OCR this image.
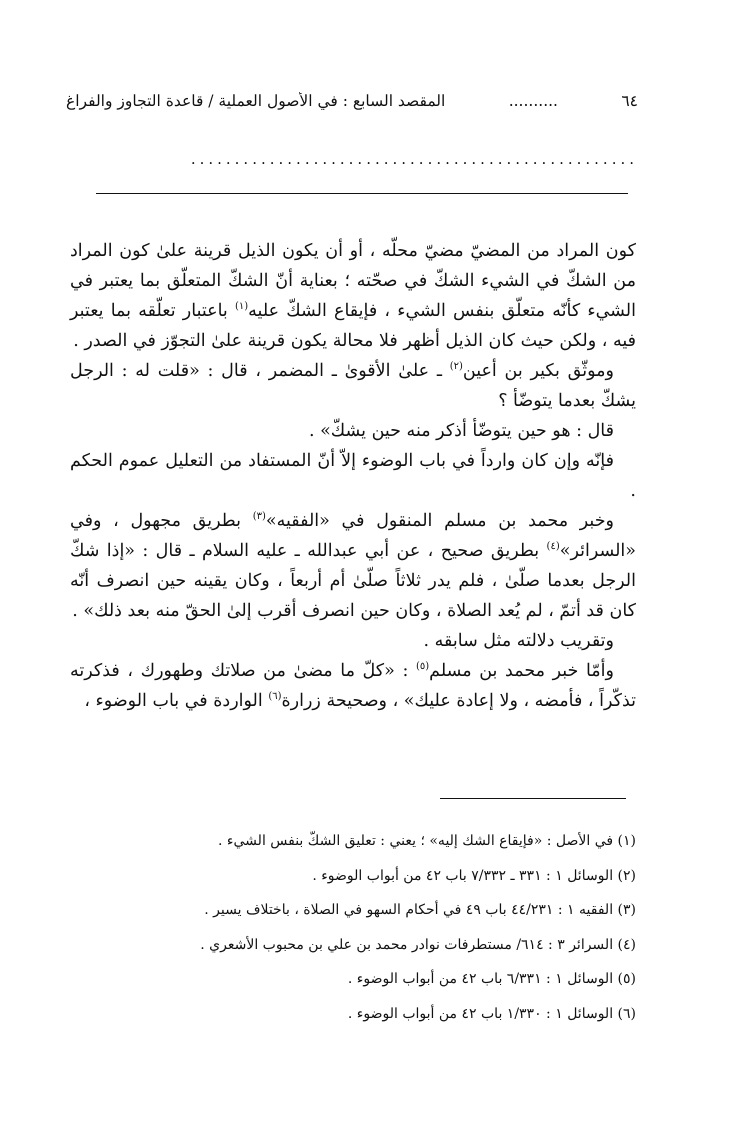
٦٤
..........
المقصد السابع : في الأُصول العملية / قاعدة التجاوز والفراغ
...................................................

كون المراد من المضيّ مضيّ محلّه ، أو أن يكون الذيل قرينة علىٰ كون المراد من الشكّ في الشيء الشكّ في صحّته ؛ بعناية أنّ الشكّ المتعلّق بما يعتبر في الشيء كأنّه متعلّق بنفس الشيء ، فإيقاع الشكّ عليه$^{(١)}$ باعتبار تعلّقه بما يعتبر فيه ، ولكن حيث كان الذيل أظهر فلا محالة يكون قرينة علىٰ التجوّز في الصدر .

وموثّق بكير بن أعين$^{(٢)}$ ـ علىٰ الأقوىٰ ـ المضمر ، قال : «قلت له : الرجل يشكّ بعدما يتوضّأ ؟

قال : هو حين يتوضّأ أذكر منه حين يشكّ» .

فإنّه وإن كان وارداً في باب الوضوء إلاّ أنّ المستفاد من التعليل عموم الحكم .

وخبر محمد بن مسلم المنقول في «الفقيه»$^{(٣)}$ بطريق مجهول ، وفي «السرائر»$^{(٤)}$ بطريق صحيح ، عن أبي عبدالله ـ عليه السلام ـ قال : «إذا شكّ الرجل بعدما صلّىٰ ، فلم يدر ثلاثاً صلّىٰ أم أربعاً ، وكان يقينه حين انصرف أنّه كان قد أتمّ ، لم يُعد الصلاة ، وكان حين انصرف أقرب إلىٰ الحقّ منه بعد ذلك» .

وتقريب دلالته مثل سابقه .

وأمّا خبر محمد بن مسلم$^{(٥)}$ : «كلّ ما مضىٰ من صلاتك وطهورك ، فذكرته تذكّراً ، فأمضه ، ولا إعادة عليك» ، وصحيحة زرارة$^{(٦)}$ الواردة في باب الوضوء ،

(١) في الأصل : «فإيقاع الشك إليه» ؛ يعني : تعليق الشكّ بنفس الشيء .
(٢) الوسائل ١ : ٣٣١ ـ ٧/٣٣٢ باب ٤٢ من أبواب الوضوء .
(٣) الفقيه ١ : ٤٤/٢٣١ باب ٤٩ في أحكام السهو في الصلاة ، باختلاف يسير .
(٤) السرائر ٣ : ٦١٤/ مستطرفات نوادر محمد بن علي بن محبوب الأشعري .
(٥) الوسائل ١ : ٦/٣٣١ باب ٤٢ من أبواب الوضوء .
(٦) الوسائل ١ : ١/٣٣٠ باب ٤٢ من أبواب الوضوء .
